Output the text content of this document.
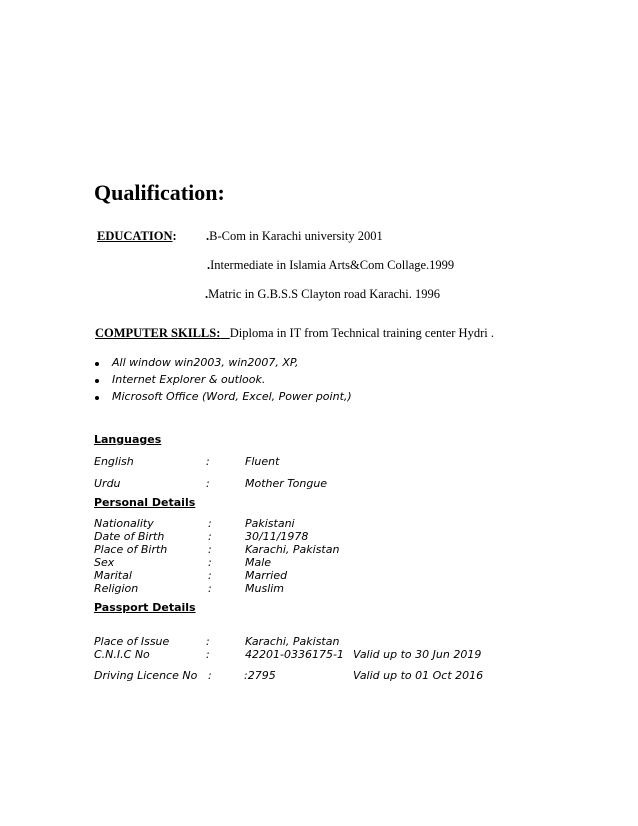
Qualification:
EDUCATION: .B-Com in Karachi university 2001
.Intermediate in Islamia Arts&Com Collage.1999
.Matric in G.B.S.S Clayton road Karachi. 1996
COMPUTER SKILLS: Diploma in IT from Technical training center Hydri .
All window win2003, win2007, XP,
Internet Explorer & outlook.
Microsoft Office (Word, Excel, Power point,)
Languages
English	:	Fluent
Urdu	:	Mother Tongue
Personal Details
Nationality	:	Pakistani
Date of Birth	:	30/11/1978
Place of Birth	:	Karachi, Pakistan
Sex	:	Male
Marital	:	Married
Religion	:	Muslim
Passport Details
Place of Issue	:	Karachi, Pakistan
C.N.I.C No	:	42201-0336175-1 Valid up to 30 Jun 2019
Driving Licence No :	:2795	Valid up to 01 Oct 2016
